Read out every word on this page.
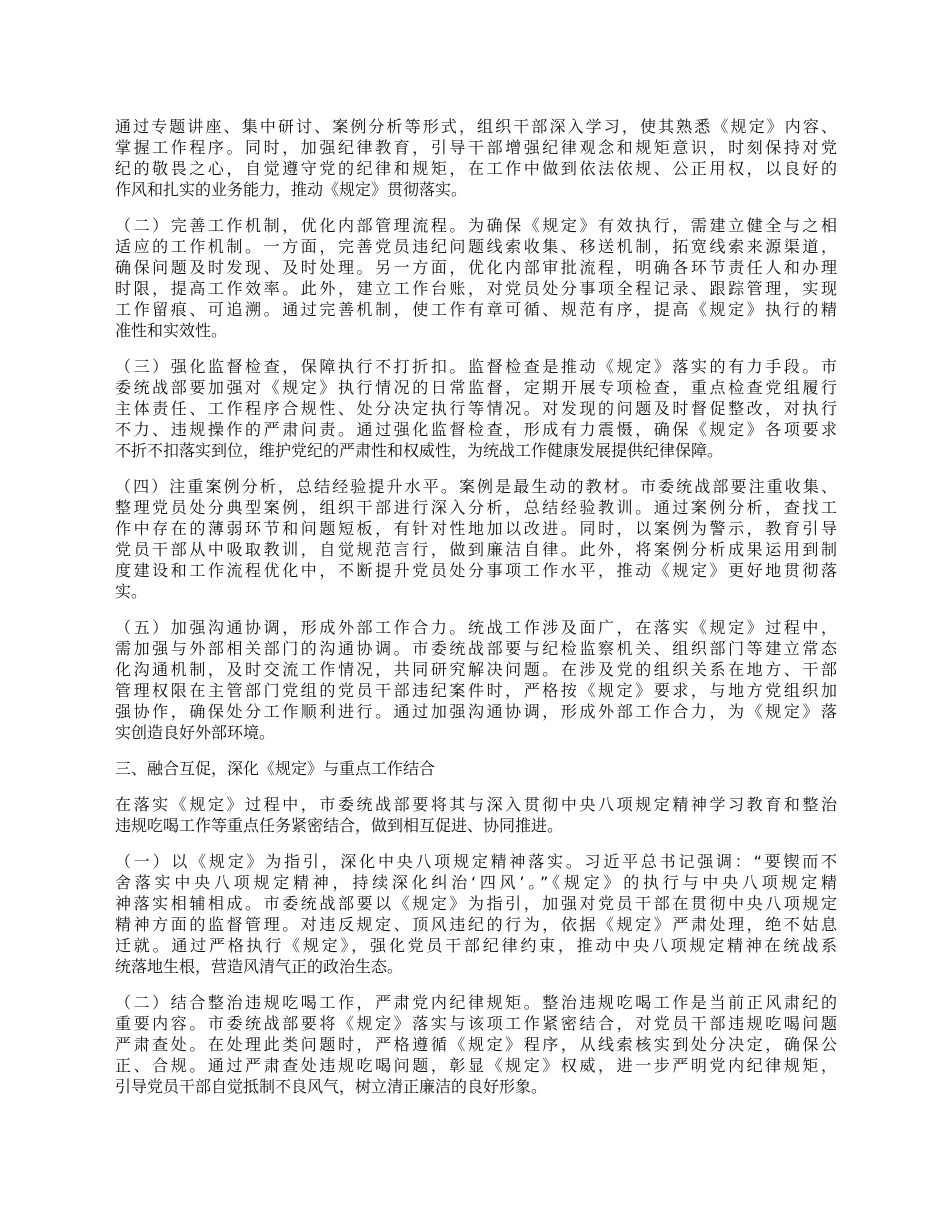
通过专题讲座、集中研讨、案例分析等形式，组织干部深入学习，使其熟悉《规定》内容、
掌握工作程序。同时，加强纪律教育，引导干部增强纪律观念和规矩意识，时刻保持对党
纪的敬畏之心，自觉遵守党的纪律和规矩，在工作中做到依法依规、公正用权，以良好的
作风和扎实的业务能力，推动《规定》贯彻落实。
（二）完善工作机制，优化内部管理流程。为确保《规定》有效执行，需建立健全与之相
适应的工作机制。一方面，完善党员违纪问题线索收集、移送机制，拓宽线索来源渠道，
确保问题及时发现、及时处理。另一方面，优化内部审批流程，明确各环节责任人和办理
时限，提高工作效率。此外，建立工作台账，对党员处分事项全程记录、跟踪管理，实现
工作留痕、可追溯。通过完善机制，使工作有章可循、规范有序，提高《规定》执行的精
准性和实效性。
（三）强化监督检查，保障执行不打折扣。监督检查是推动《规定》落实的有力手段。市
委统战部要加强对《规定》执行情况的日常监督，定期开展专项检查，重点检查党组履行
主体责任、工作程序合规性、处分决定执行等情况。对发现的问题及时督促整改，对执行
不力、违规操作的严肃问责。通过强化监督检查，形成有力震慑，确保《规定》各项要求
不折不扣落实到位，维护党纪的严肃性和权威性，为统战工作健康发展提供纪律保障。
（四）注重案例分析，总结经验提升水平。案例是最生动的教材。市委统战部要注重收集、
整理党员处分典型案例，组织干部进行深入分析，总结经验教训。通过案例分析，查找工
作中存在的薄弱环节和问题短板，有针对性地加以改进。同时，以案例为警示，教育引导
党员干部从中吸取教训，自觉规范言行，做到廉洁自律。此外，将案例分析成果运用到制
度建设和工作流程优化中，不断提升党员处分事项工作水平，推动《规定》更好地贯彻落
实。
（五）加强沟通协调，形成外部工作合力。统战工作涉及面广，在落实《规定》过程中，
需加强与外部相关部门的沟通协调。市委统战部要与纪检监察机关、组织部门等建立常态
化沟通机制，及时交流工作情况，共同研究解决问题。在涉及党的组织关系在地方、干部
管理权限在主管部门党组的党员干部违纪案件时，严格按《规定》要求，与地方党组织加
强协作，确保处分工作顺利进行。通过加强沟通协调，形成外部工作合力，为《规定》落
实创造良好外部环境。
三、融合互促，深化《规定》与重点工作结合
在落实《规定》过程中，市委统战部要将其与深入贯彻中央八项规定精神学习教育和整治
违规吃喝工作等重点任务紧密结合，做到相互促进、协同推进。
（一）以《规定》为指引，深化中央八项规定精神落实。习近平总书记强调：“要锲而不
舍落实中央八项规定精神，持续深化纠治‘四风’。”《规定》的执行与中央八项规定精
神落实相辅相成。市委统战部要以《规定》为指引，加强对党员干部在贯彻中央八项规定
精神方面的监督管理。对违反规定、顶风违纪的行为，依据《规定》严肃处理，绝不姑息
迁就。通过严格执行《规定》，强化党员干部纪律约束，推动中央八项规定精神在统战系
统落地生根，营造风清气正的政治生态。
（二）结合整治违规吃喝工作，严肃党内纪律规矩。整治违规吃喝工作是当前正风肃纪的
重要内容。市委统战部要将《规定》落实与该项工作紧密结合，对党员干部违规吃喝问题
严肃查处。在处理此类问题时，严格遵循《规定》程序，从线索核实到处分决定，确保公
正、合规。通过严肃查处违规吃喝问题，彰显《规定》权威，进一步严明党内纪律规矩，
引导党员干部自觉抵制不良风气，树立清正廉洁的良好形象。
